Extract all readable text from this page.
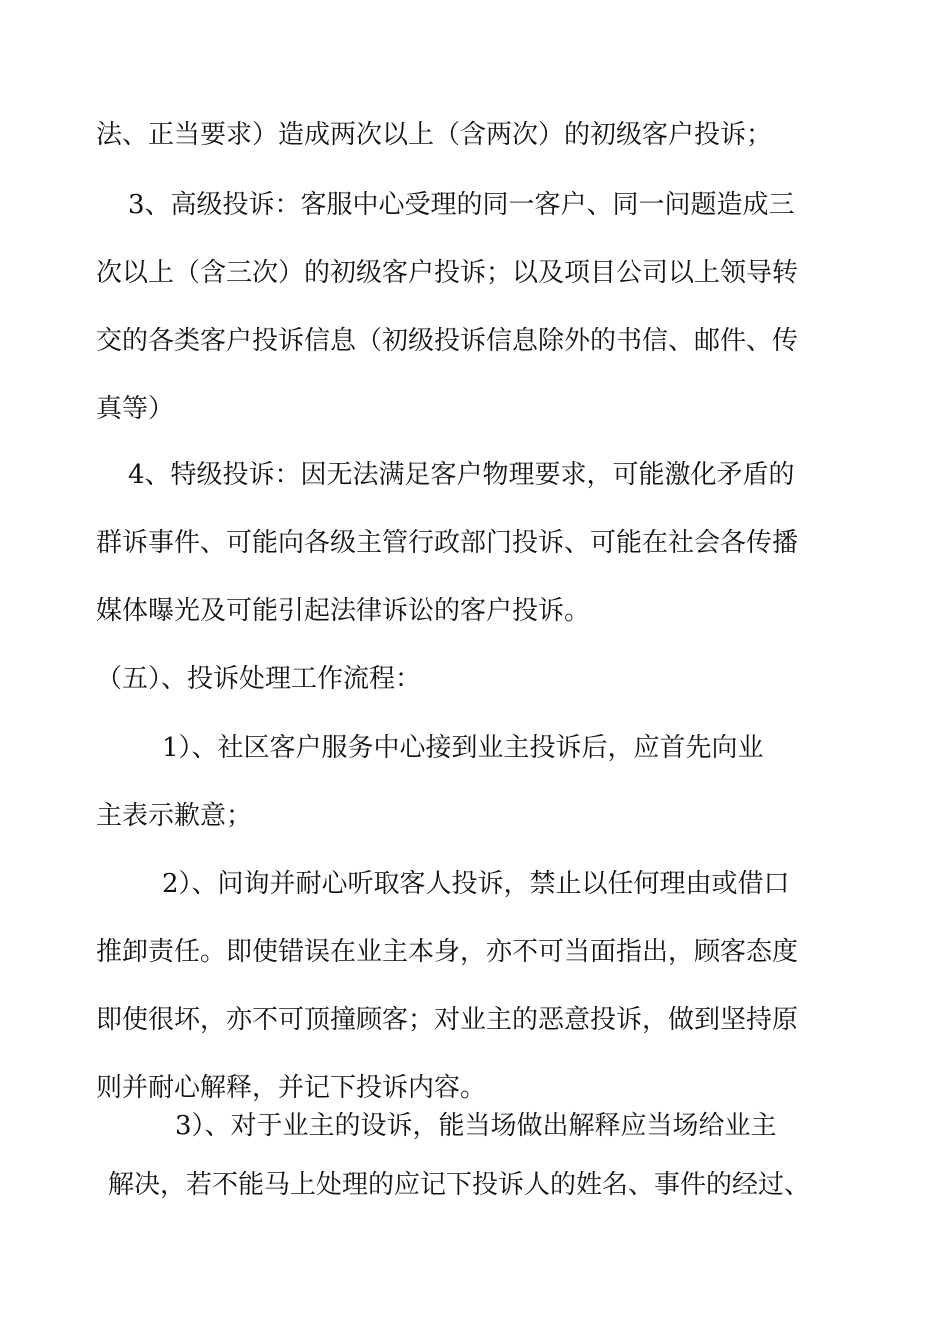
法、正当要求）造成两次以上（含两次）的初级客户投诉；
3、高级投诉：客服中心受理的同一客户、同一问题造成三
次以上（含三次）的初级客户投诉；以及项目公司以上领导转
交的各类客户投诉信息（初级投诉信息除外的书信、邮件、传
真等）
4、特级投诉：因无法满足客户物理要求，可能激化矛盾的
群诉事件、可能向各级主管行政部门投诉、可能在社会各传播
媒体曝光及可能引起法律诉讼的客户投诉。
（五）、投诉处理工作流程：
1）、社区客户服务中心接到业主投诉后，应首先向业
主表示歉意；
2）、问询并耐心听取客人投诉，禁止以任何理由或借口
推卸责任。即使错误在业主本身，亦不可当面指出，顾客态度
即使很坏，亦不可顶撞顾客；对业主的恶意投诉，做到坚持原
则并耐心解释，并记下投诉内容。
3）、对于业主的设诉，能当场做出解释应当场给业主
解决，若不能马上处理的应记下投诉人的姓名、事件的经过、
